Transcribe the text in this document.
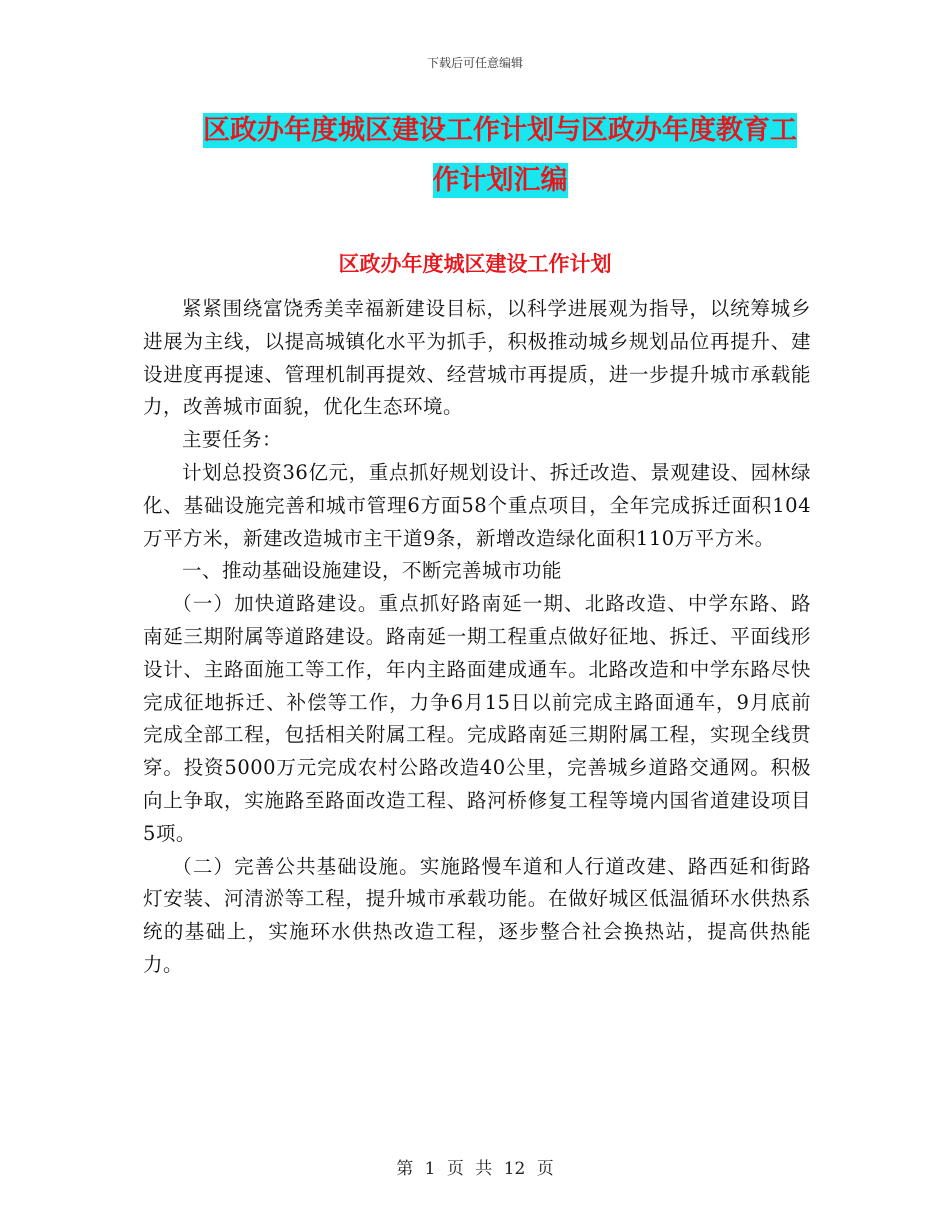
下载后可任意编辑
区政办年度城区建设工作计划与区政办年度教育工作计划汇编
区政办年度城区建设工作计划

紧紧围绕富饶秀美幸福新建设目标，以科学进展观为指导，以统筹城乡进展为主线，以提高城镇化水平为抓手，积极推动城乡规划品位再提升、建设进度再提速、管理机制再提效、经营城市再提质，进一步提升城市承载能力，改善城市面貌，优化生态环境。

主要任务：

计划总投资36亿元，重点抓好规划设计、拆迁改造、景观建设、园林绿化、基础设施完善和城市管理6方面58个重点项目，全年完成拆迁面积104万平方米，新建改造城市主干道9条，新增改造绿化面积110万平方米。

一、推动基础设施建设，不断完善城市功能

（一）加快道路建设。重点抓好路南延一期、北路改造、中学东路、路南延三期附属等道路建设。路南延一期工程重点做好征地、拆迁、平面线形设计、主路面施工等工作，年内主路面建成通车。北路改造和中学东路尽快完成征地拆迁、补偿等工作，力争6月15日以前完成主路面通车，9月底前完成全部工程，包括相关附属工程。完成路南延三期附属工程，实现全线贯穿。投资5000万元完成农村公路改造40公里，完善城乡道路交通网。积极向上争取，实施路至路面改造工程、路河桥修复工程等境内国省道建设项目5项。

（二）完善公共基础设施。实施路慢车道和人行道改建、路西延和街路灯安装、河清淤等工程，提升城市承载功能。在做好城区低温循环水供热系统的基础上，实施环水供热改造工程，逐步整合社会换热站，提高供热能力。

第 1 页 共 12 页
